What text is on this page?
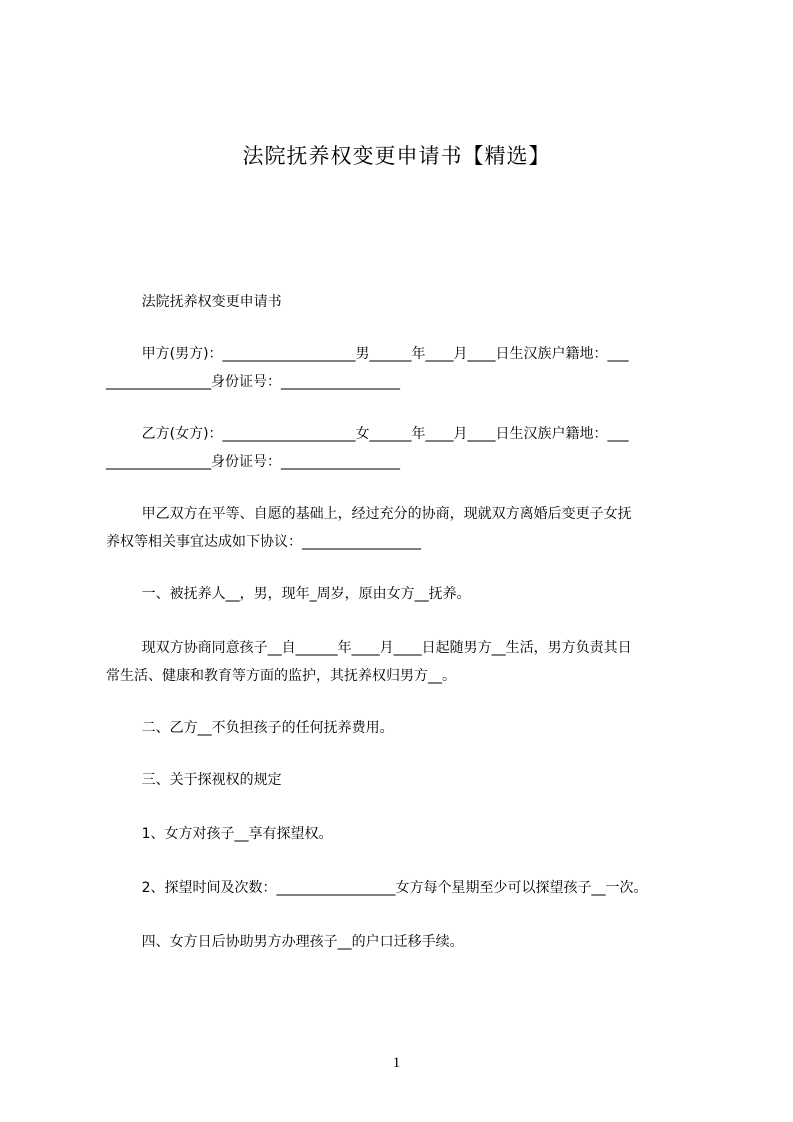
法院抚养权变更申请书【精选】
法院抚养权变更申请书
甲方(男方)：___________________男______年____月____日生汉族户籍地：___
_______________身份证号：_________________
乙方(女方)：___________________女______年____月____日生汉族户籍地：___
_______________身份证号：_________________
甲乙双方在平等、自愿的基础上，经过充分的协商，现就双方离婚后变更子女抚
养权等相关事宜达成如下协议：_________________
一、被抚养人__，男，现年_周岁，原由女方__抚养。
现双方协商同意孩子__自______年____月____日起随男方__生活，男方负责其日
常生活、健康和教育等方面的监护，其抚养权归男方__。
二、乙方__不负担孩子的任何抚养费用。
三、关于探视权的规定
1、女方对孩子__享有探望权。
2、探望时间及次数：_________________女方每个星期至少可以探望孩子__一次。
四、女方日后协助男方办理孩子__的户口迁移手续。
1
